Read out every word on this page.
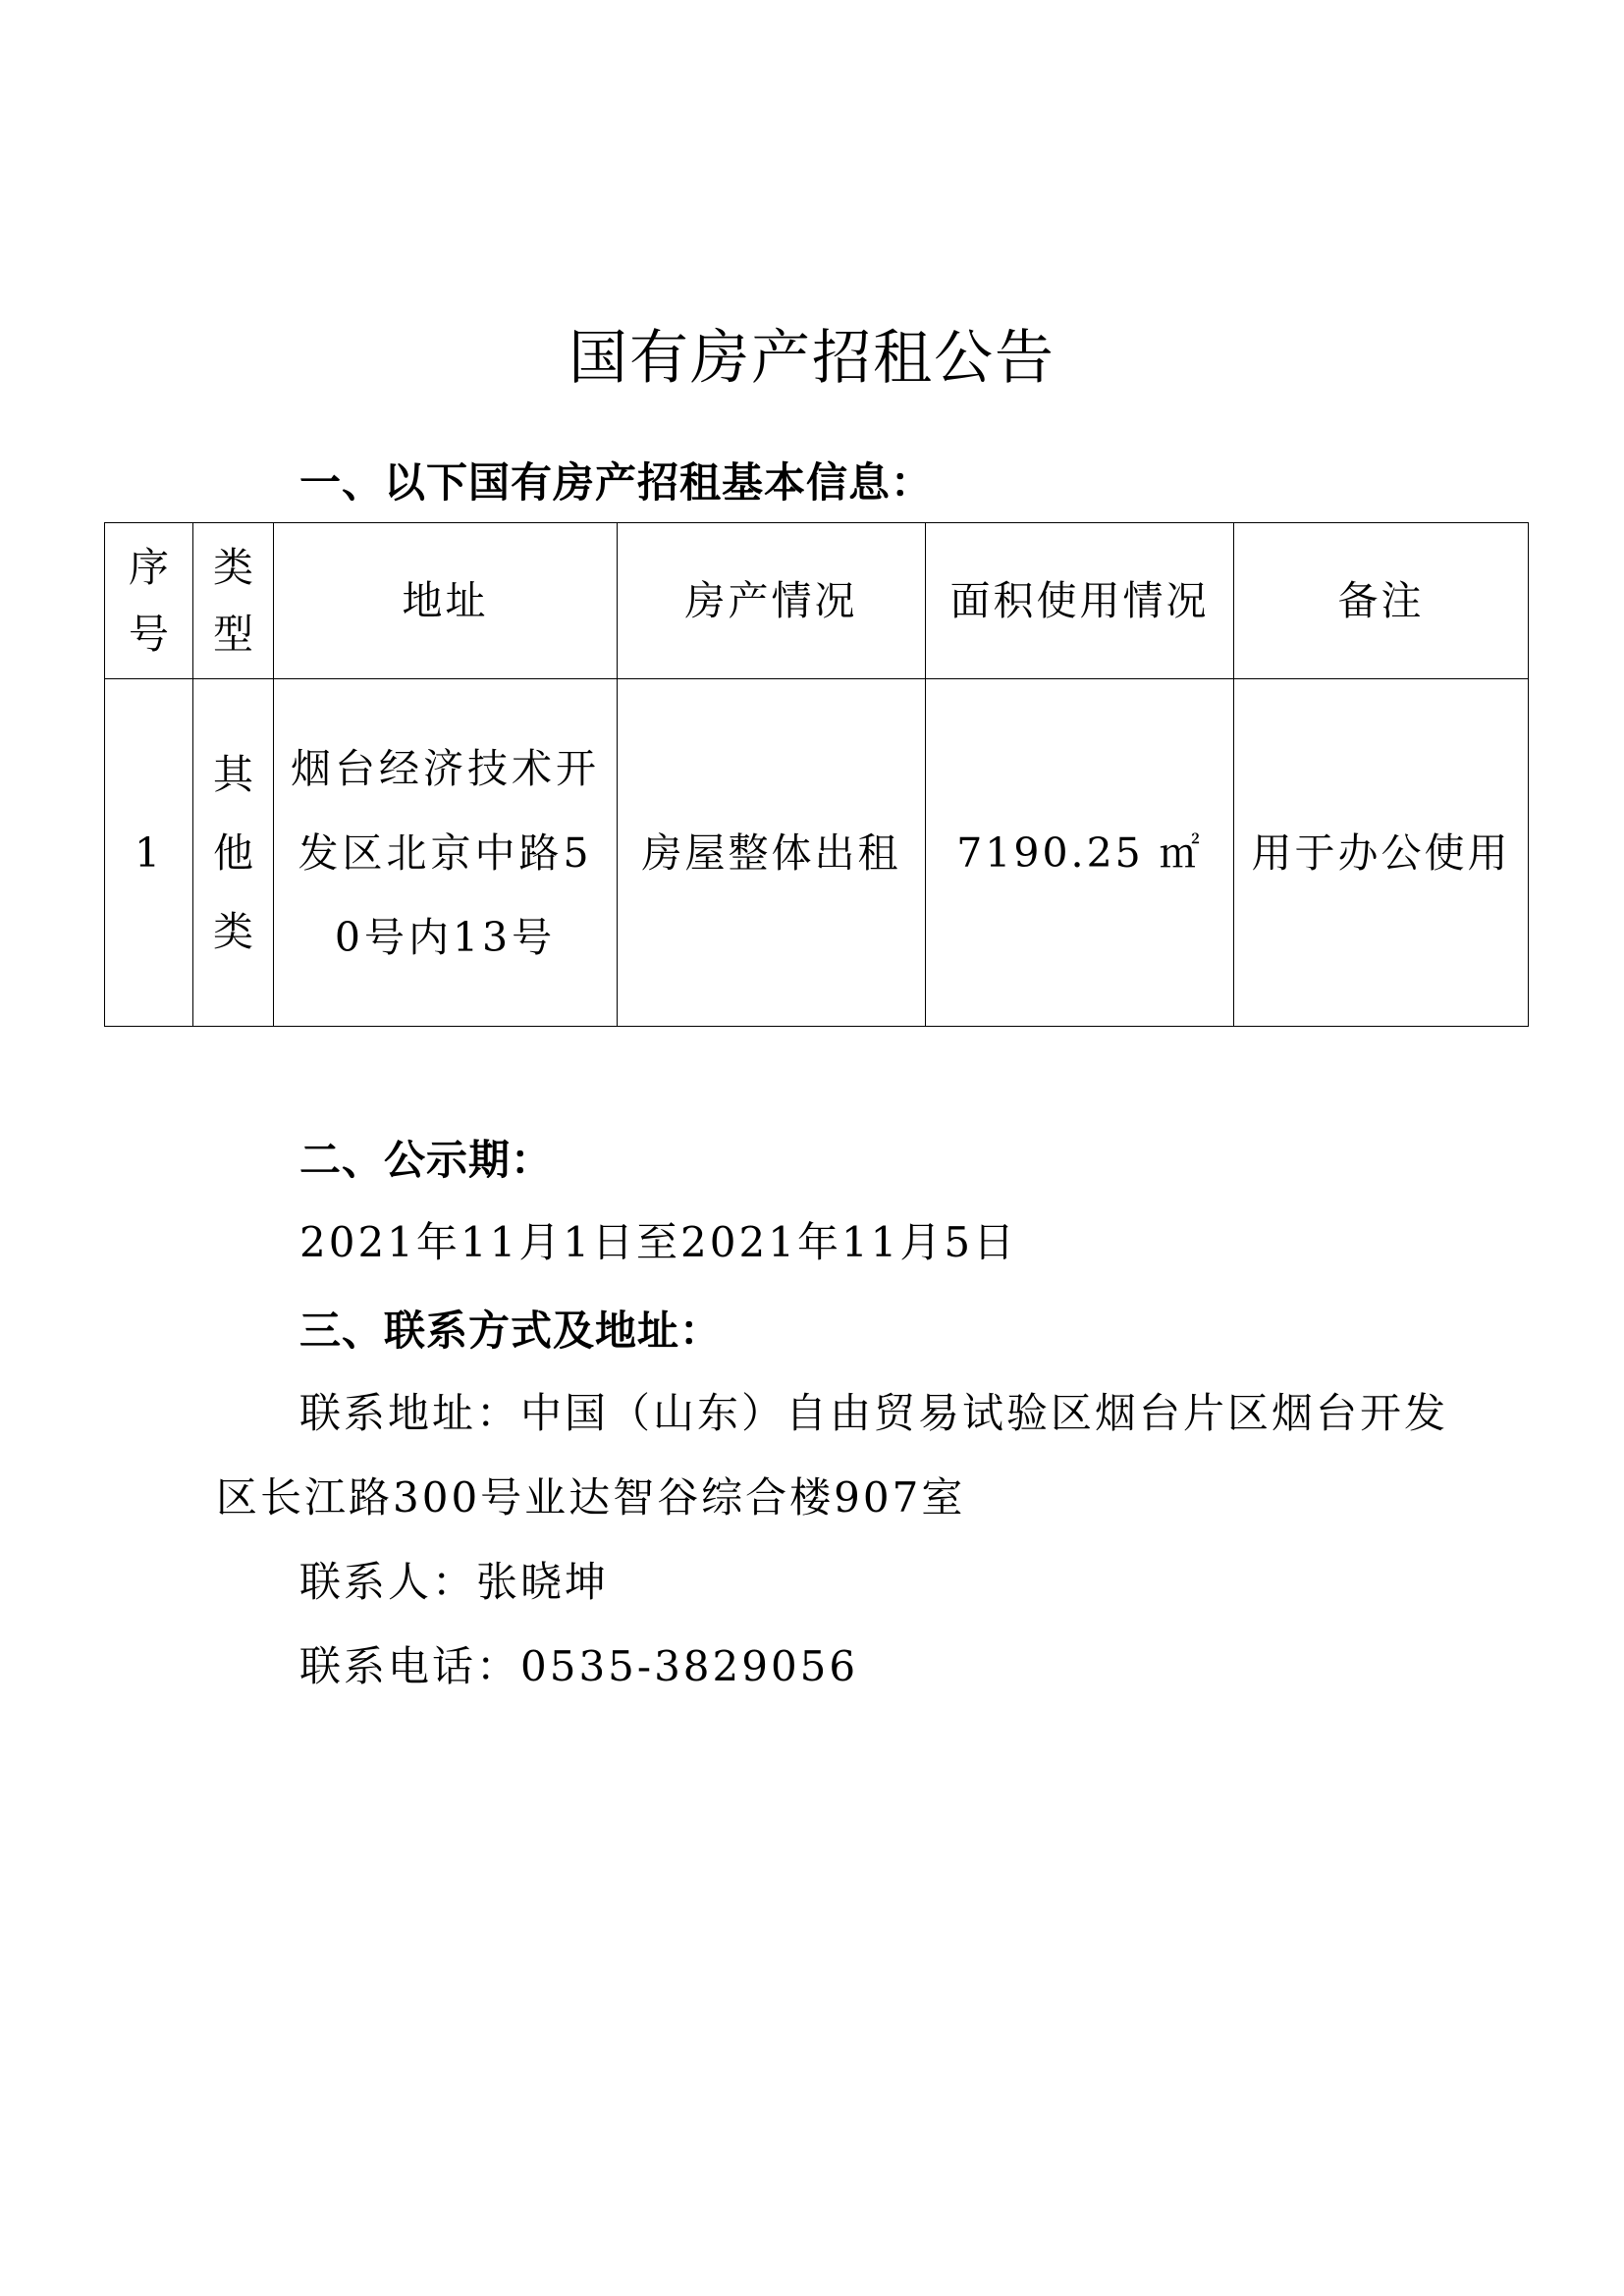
国有房产招租公告
一、以下国有房产招租基本信息：
序号	类型	地址	房产情况	面积使用情况	备注
1	其他类	烟台经济技术开发区北京中路50号内13号	房屋整体出租	7190.25 ㎡	用于办公使用
二、公示期：
2021年11月1日至2021年11月5日
三、联系方式及地址：
联系地址：中国（山东）自由贸易试验区烟台片区烟台开发
区长江路300号业达智谷综合楼907室
联系人：张晓坤
联系电话：0535-3829056
